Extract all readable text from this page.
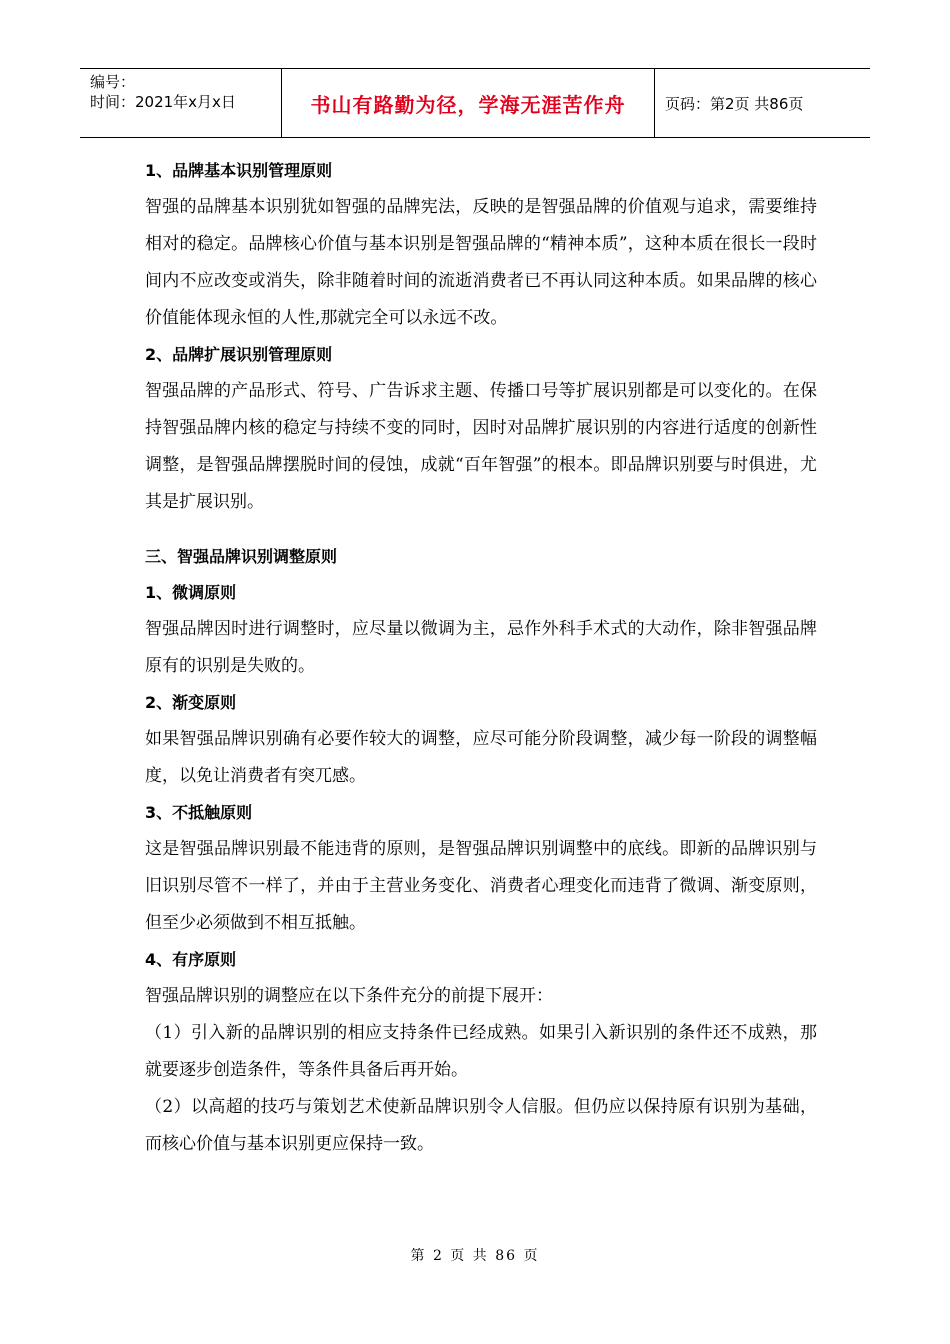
编号：
时间：2021年x月x日	书山有路勤为径，学海无涯苦作舟	页码：第2页 共86页
1、品牌基本识别管理原则
智强的品牌基本识别犹如智强的品牌宪法，反映的是智强品牌的价值观与追求，需要维持相对的稳定。品牌核心价值与基本识别是智强品牌的“精神本质”，这种本质在很长一段时间内不应改变或消失，除非随着时间的流逝消费者已不再认同这种本质。如果品牌的核心价值能体现永恒的人性,那就完全可以永远不改。
2、品牌扩展识别管理原则
智强品牌的产品形式、符号、广告诉求主题、传播口号等扩展识别都是可以变化的。在保持智强品牌内核的稳定与持续不变的同时，因时对品牌扩展识别的内容进行适度的创新性调整，是智强品牌摆脱时间的侵蚀，成就“百年智强”的根本。即品牌识别要与时俱进，尤其是扩展识别。
三、智强品牌识别调整原则
1、微调原则
智强品牌因时进行调整时，应尽量以微调为主，忌作外科手术式的大动作，除非智强品牌原有的识别是失败的。
2、渐变原则
如果智强品牌识别确有必要作较大的调整，应尽可能分阶段调整，减少每一阶段的调整幅度，以免让消费者有突兀感。
3、不抵触原则
这是智强品牌识别最不能违背的原则，是智强品牌识别调整中的底线。即新的品牌识别与旧识别尽管不一样了，并由于主营业务变化、消费者心理变化而违背了微调、渐变原则，但至少必须做到不相互抵触。
4、有序原则
智强品牌识别的调整应在以下条件充分的前提下展开：
（1）引入新的品牌识别的相应支持条件已经成熟。如果引入新识别的条件还不成熟，那就要逐步创造条件，等条件具备后再开始。
（2）以高超的技巧与策划艺术使新品牌识别令人信服。但仍应以保持原有识别为基础，而核心价值与基本识别更应保持一致。
第 2 页 共 86 页
